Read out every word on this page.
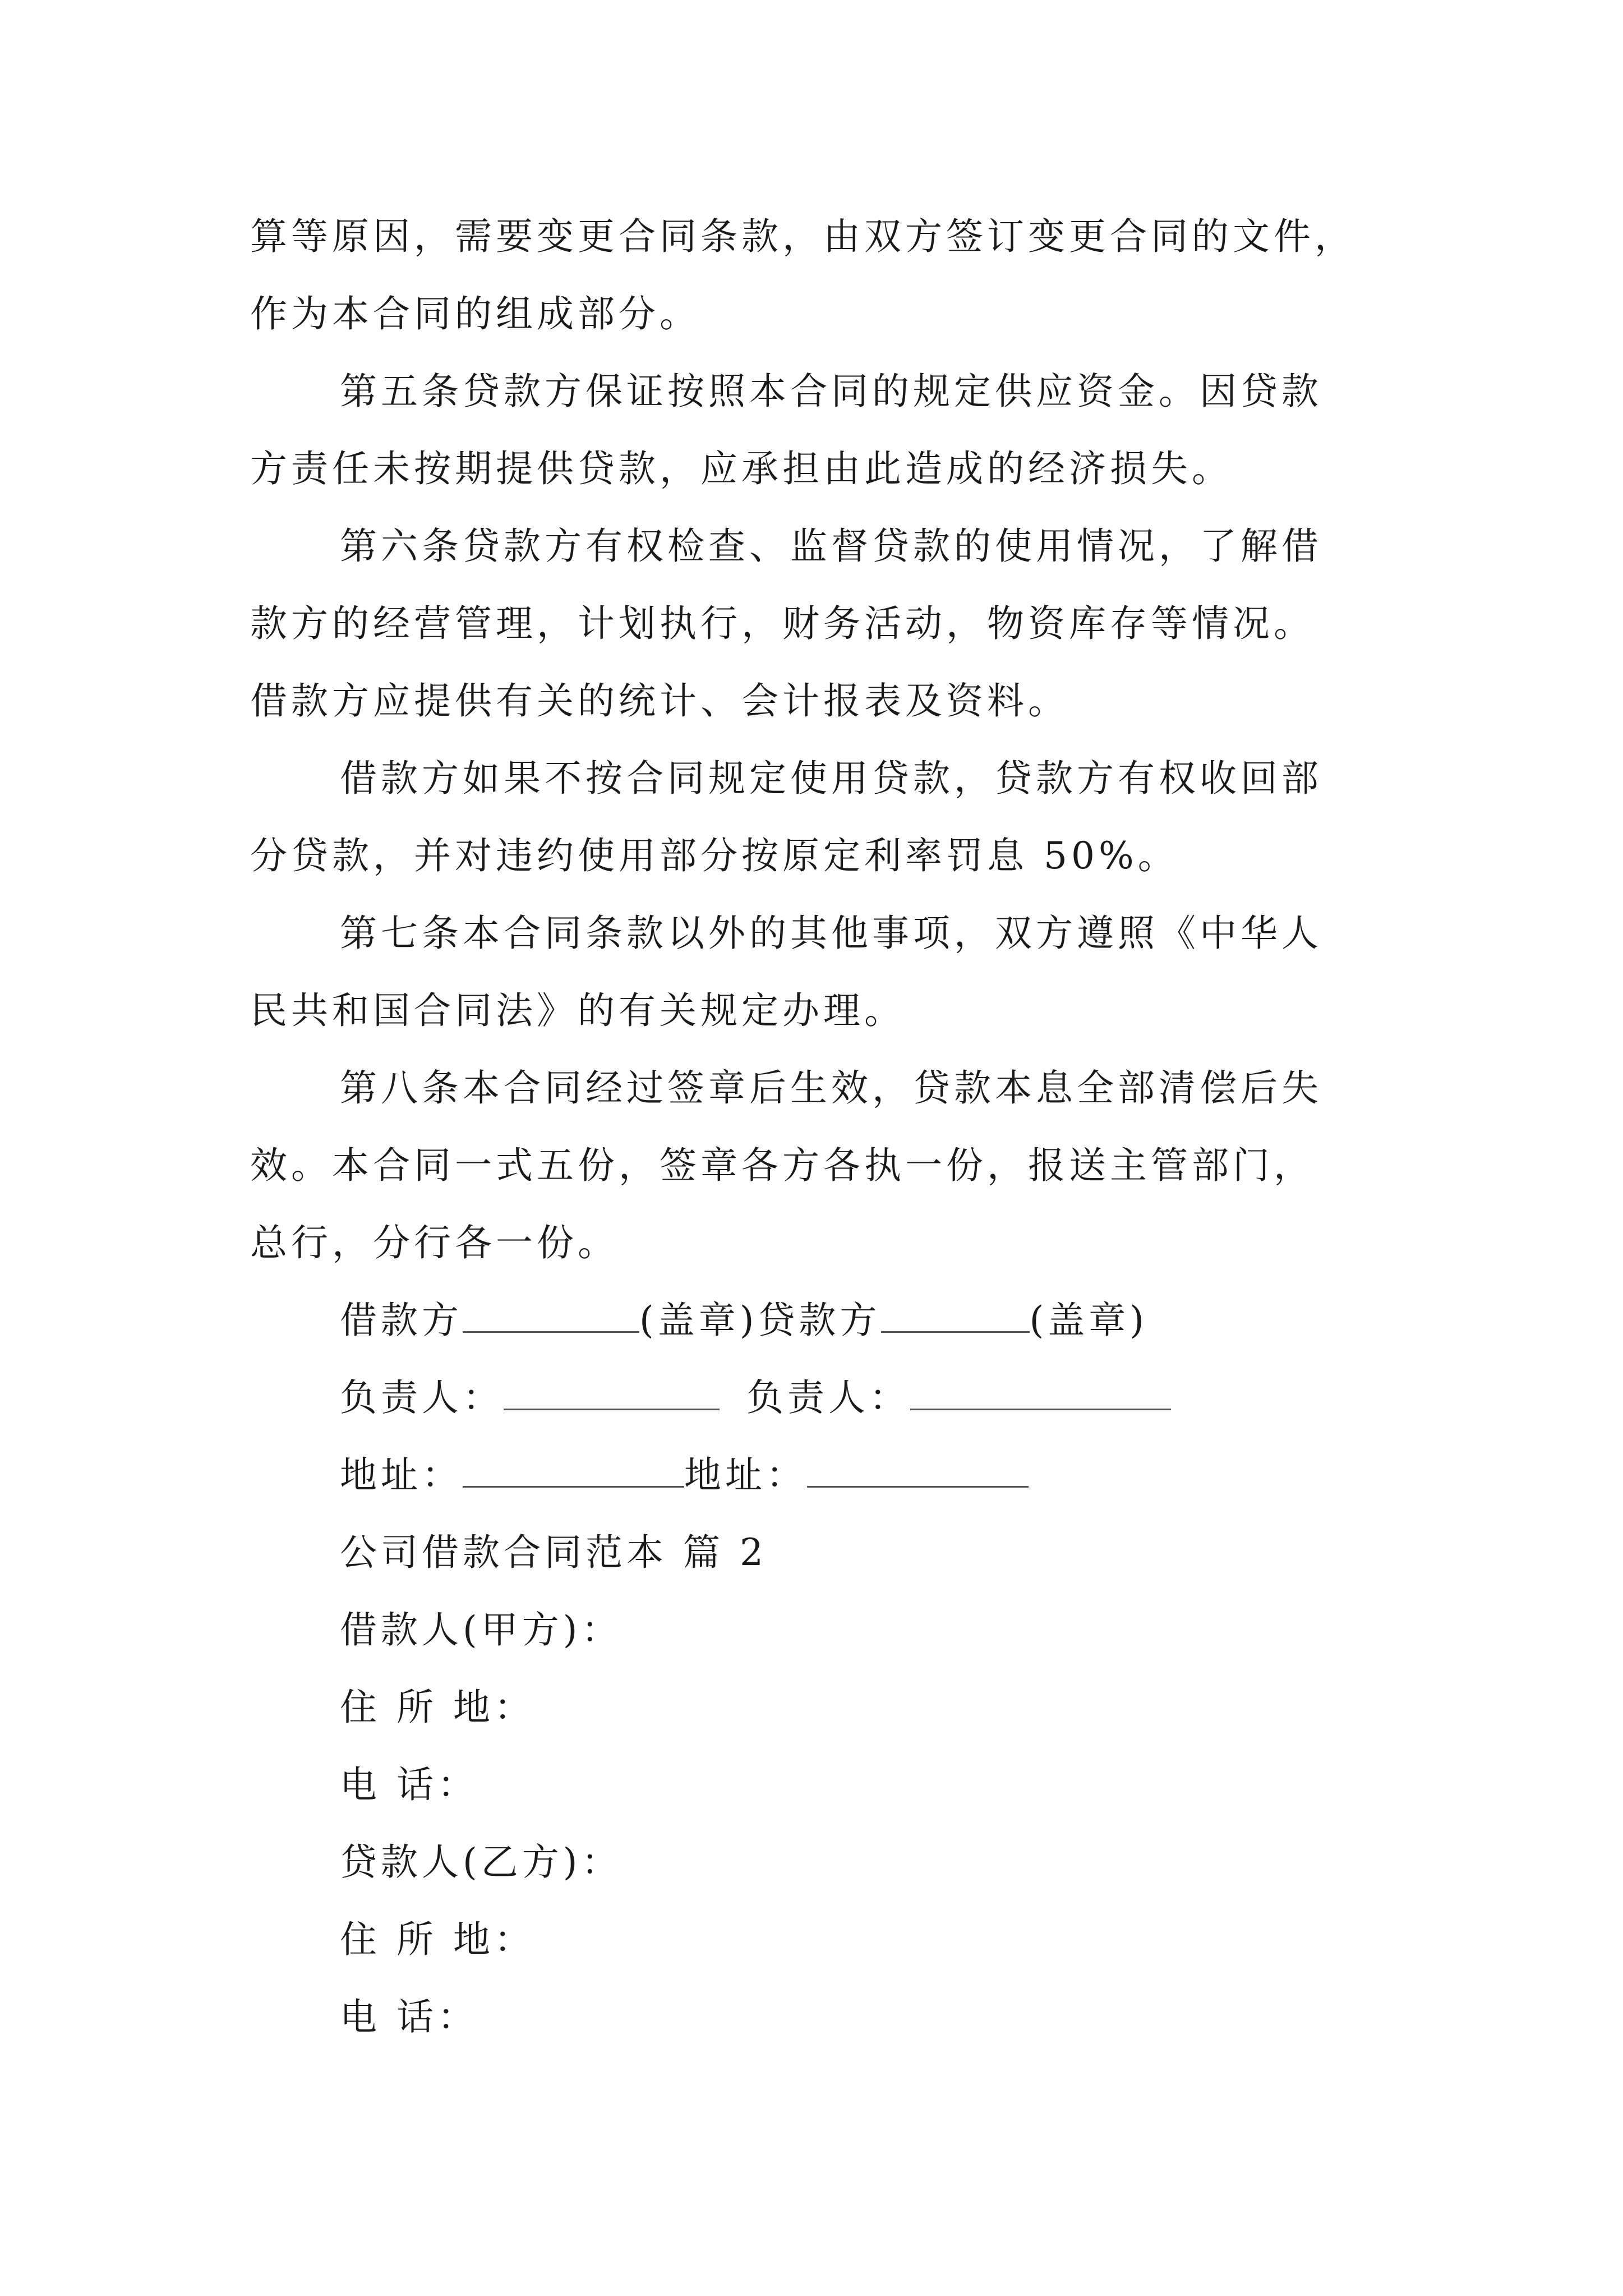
算等原因，需要变更合同条款，由双方签订变更合同的文件，
作为本合同的组成部分。
第五条贷款方保证按照本合同的规定供应资金。因贷款
方责任未按期提供贷款，应承担由此造成的经济损失。
第六条贷款方有权检查、监督贷款的使用情况，了解借
款方的经营管理，计划执行，财务活动，物资库存等情况。
借款方应提供有关的统计、会计报表及资料。
借款方如果不按合同规定使用贷款，贷款方有权收回部
分贷款，并对违约使用部分按原定利率罚息 50%。
第七条本合同条款以外的其他事项，双方遵照《中华人
民共和国合同法》的有关规定办理。
第八条本合同经过签章后生效，贷款本息全部清偿后失
效。本合同一式五份，签章各方各执一份，报送主管部门，
总行，分行各一份。
借款方	(盖章)贷款方	(盖章)
负责人：	负责人：
地址：	地址：
公司借款合同范本 篇 2
借款人(甲方)：
住 所 地：
电 话：
贷款人(乙方)：
住 所 地：
电 话：
